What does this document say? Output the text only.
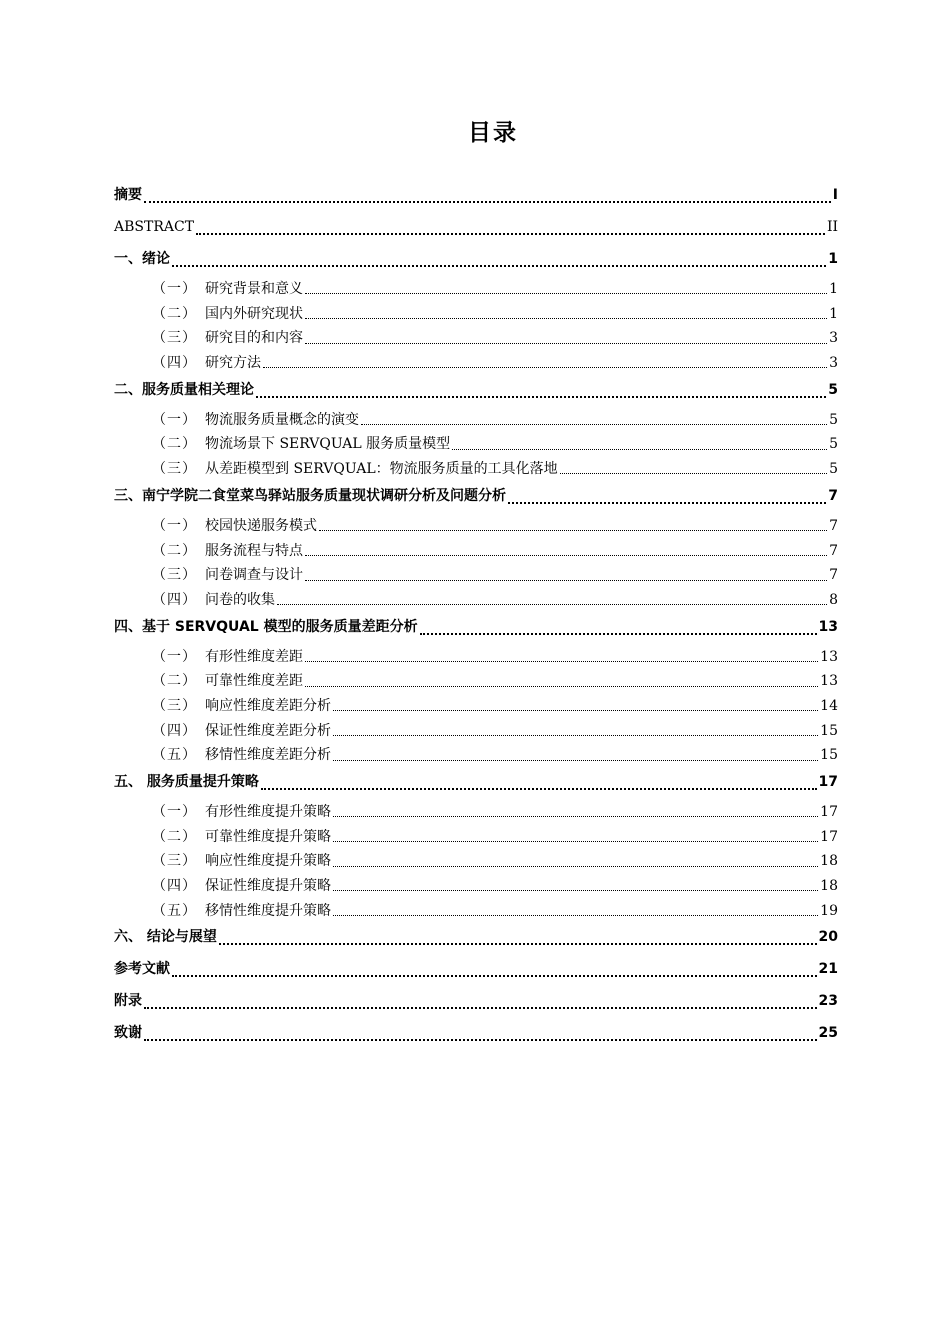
目录
摘要	I
ABSTRACT	II
一、绪论	1
（一） 研究背景和意义	1
（二） 国内外研究现状	1
（三） 研究目的和内容	3
（四） 研究方法	3
二、服务质量相关理论	5
（一） 物流服务质量概念的演变	5
（二） 物流场景下 SERVQUAL 服务质量模型	5
（三） 从差距模型到 SERVQUAL：物流服务质量的工具化落地	5
三、南宁学院二食堂菜鸟驿站服务质量现状调研分析及问题分析	7
（一） 校园快递服务模式	7
（二） 服务流程与特点	7
（三） 问卷调查与设计	7
（四） 问卷的收集	8
四、基于 SERVQUAL 模型的服务质量差距分析	13
（一） 有形性维度差距	13
（二） 可靠性维度差距	13
（三） 响应性维度差距分析	14
（四） 保证性维度差距分析	15
（五） 移情性维度差距分析	15
五、 服务质量提升策略	17
（一） 有形性维度提升策略	17
（二） 可靠性维度提升策略	17
（三） 响应性维度提升策略	18
（四） 保证性维度提升策略	18
（五） 移情性维度提升策略	19
六、 结论与展望	20
参考文献	21
附录	23
致谢	25
